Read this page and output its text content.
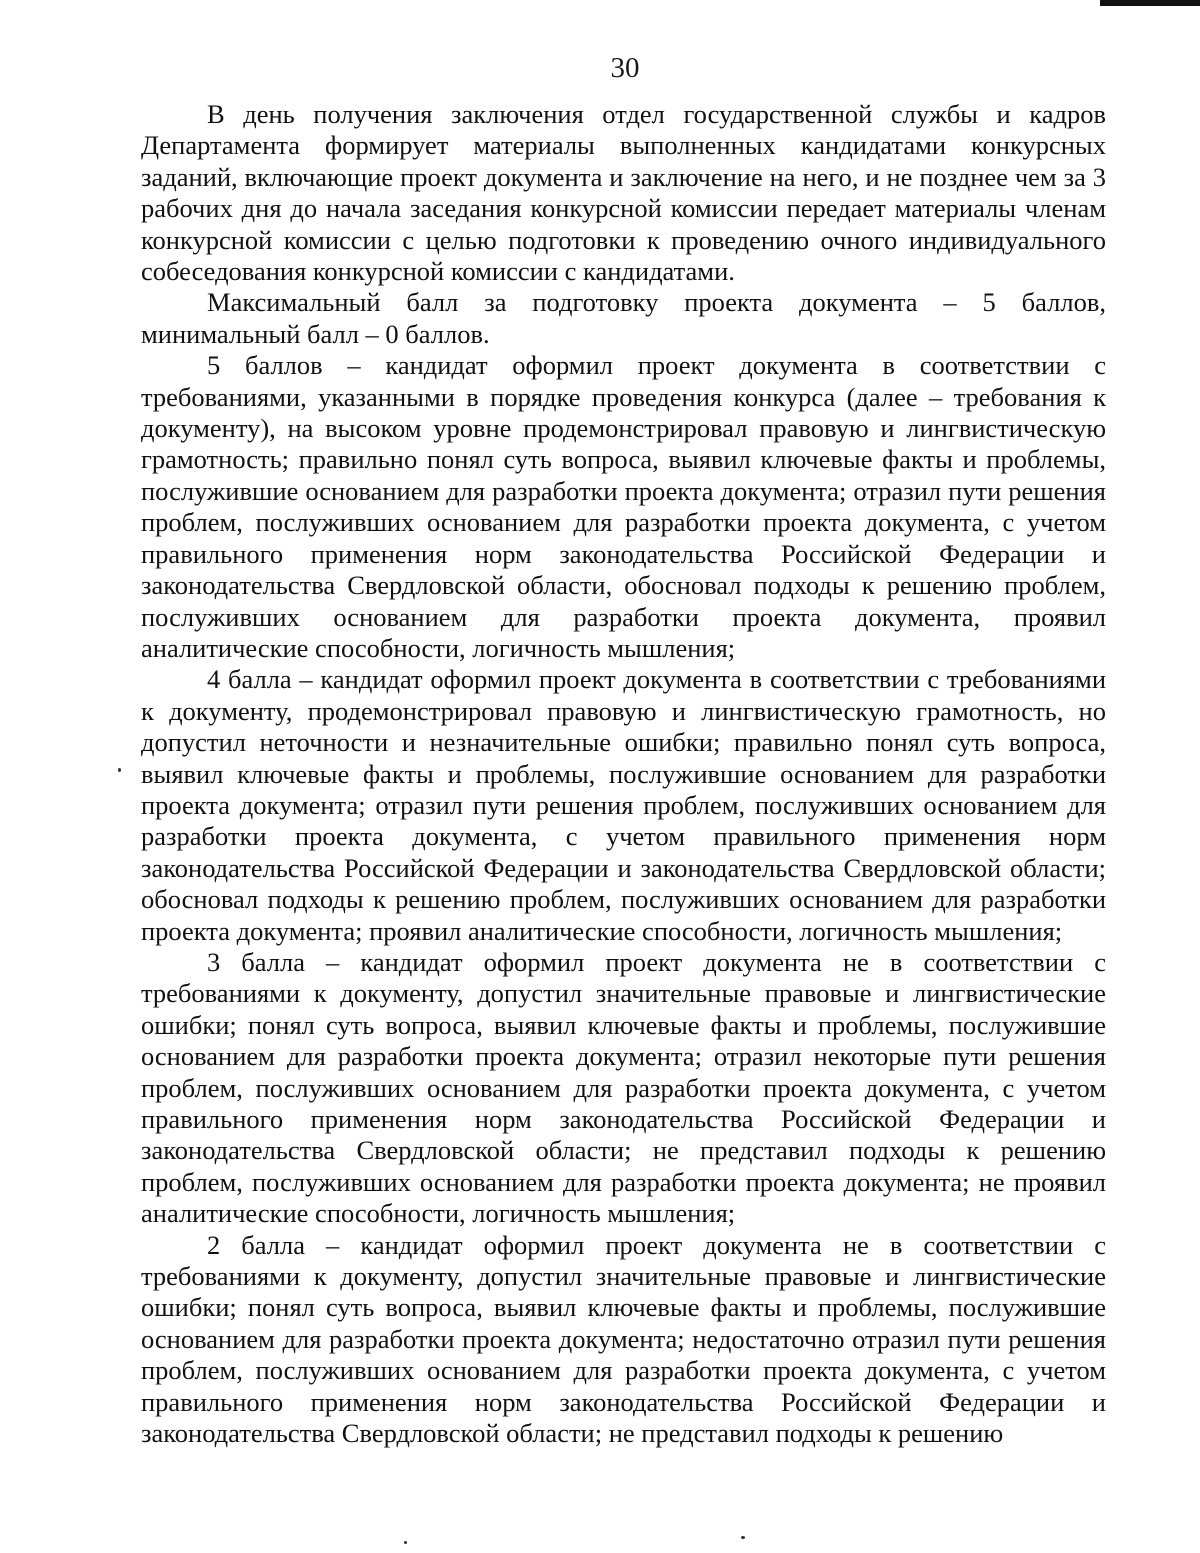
30

В день получения заключения отдел государственной службы и кадров Департамента формирует материалы выполненных кандидатами конкурсных заданий, включающие проект документа и заключение на него, и не позднее чем за 3 рабочих дня до начала заседания конкурсной комиссии передает материалы членам конкурсной комиссии с целью подготовки к проведению очного индивидуального собеседования конкурсной комиссии с кандидатами.

Максимальный балл за подготовку проекта документа – 5 баллов, минимальный балл – 0 баллов.

5 баллов – кандидат оформил проект документа в соответствии с требованиями, указанными в порядке проведения конкурса (далее – требования к документу), на высоком уровне продемонстрировал правовую и лингвистическую грамотность; правильно понял суть вопроса, выявил ключевые факты и проблемы, послужившие основанием для разработки проекта документа; отразил пути решения проблем, послуживших основанием для разработки проекта документа, с учетом правильного применения норм законодательства Российской Федерации и законодательства Свердловской области, обосновал подходы к решению проблем, послуживших основанием для разработки проекта документа, проявил аналитические способности, логичность мышления;

4 балла – кандидат оформил проект документа в соответствии с требованиями к документу, продемонстрировал правовую и лингвистическую грамотность, но допустил неточности и незначительные ошибки; правильно понял суть вопроса, выявил ключевые факты и проблемы, послужившие основанием для разработки проекта документа; отразил пути решения проблем, послуживших основанием для разработки проекта документа, с учетом правильного применения норм законодательства Российской Федерации и законодательства Свердловской области; обосновал подходы к решению проблем, послуживших основанием для разработки проекта документа; проявил аналитические способности, логичность мышления;

3 балла – кандидат оформил проект документа не в соответствии с требованиями к документу, допустил значительные правовые и лингвистические ошибки; понял суть вопроса, выявил ключевые факты и проблемы, послужившие основанием для разработки проекта документа; отразил некоторые пути решения проблем, послуживших основанием для разработки проекта документа, с учетом правильного применения норм законодательства Российской Федерации и законодательства Свердловской области; не представил подходы к решению проблем, послуживших основанием для разработки проекта документа; не проявил аналитические способности, логичность мышления;

2 балла – кандидат оформил проект документа не в соответствии с требованиями к документу, допустил значительные правовые и лингвистические ошибки; понял суть вопроса, выявил ключевые факты и проблемы, послужившие основанием для разработки проекта документа; недостаточно отразил пути решения проблем, послуживших основанием для разработки проекта документа, с учетом правильного применения норм законодательства Российской Федерации и законодательства Свердловской области; не представил подходы к решению
